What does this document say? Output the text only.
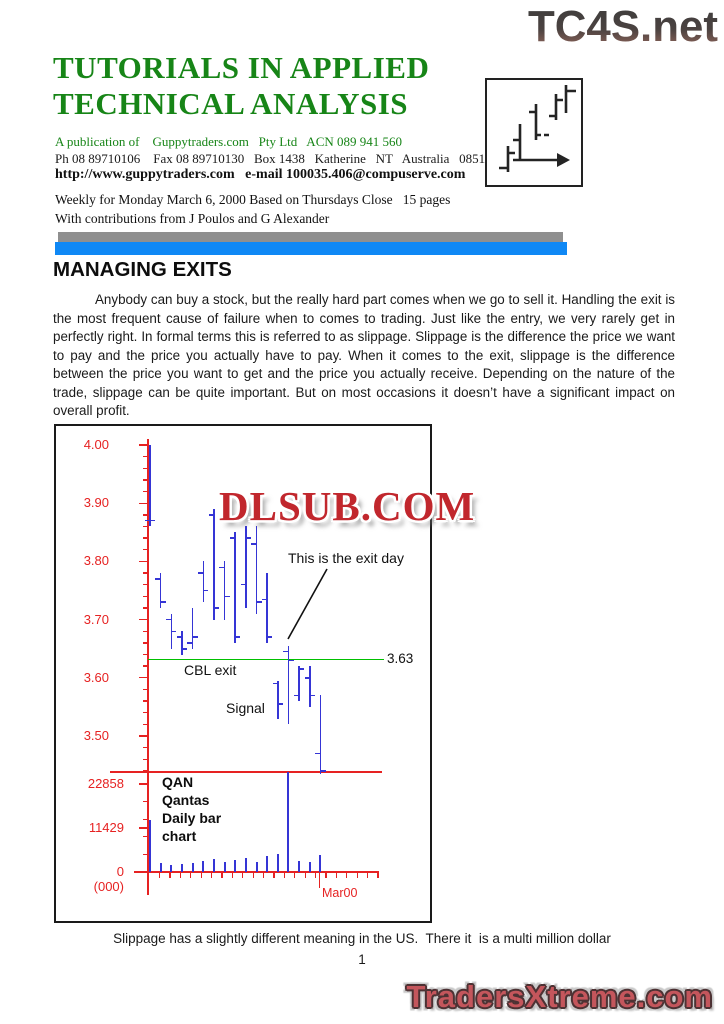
TC4S.net
TUTORIALS IN APPLIED
TECHNICAL ANALYSIS
A publication of    Guppytraders.com   Pty Ltd   ACN 089 941 560
Ph 08 89710106    Fax 08 89710130   Box 1438   Katherine   NT   Australia   0851
http://www.guppytraders.com   e-mail 100035.406@compuserve.com
Weekly for Monday March 6, 2000 Based on Thursdays Close   15 pages
With contributions from J Poulos and G Alexander
MANAGING EXITS
Anybody can buy a stock, but the really hard part comes when we go to sell it. Handling the exit is the most frequent cause of failure when to comes to trading. Just like the entry, we very rarely get in perfectly right. In formal terms this is referred to as slippage. Slippage is the difference the price we want to pay and the price you actually have to pay. When it comes to the exit, slippage is the difference between the price you want to get and the price you actually receive. Depending on the nature of the trade, slippage can be quite important. But on most occasions it doesn’t have a significant impact on overall profit.
DLSUB.COM
This is the exit day
CBL exit
Signal
3.63
Mar00
QAN
Qantas
Daily bar
chart
4.00
3.90
3.80
3.70
3.60
3.50
22858
11429
0
(000)
Slippage has a slightly different meaning in the US.  There it  is a multi million dollar
1
TradersXtreme.com
